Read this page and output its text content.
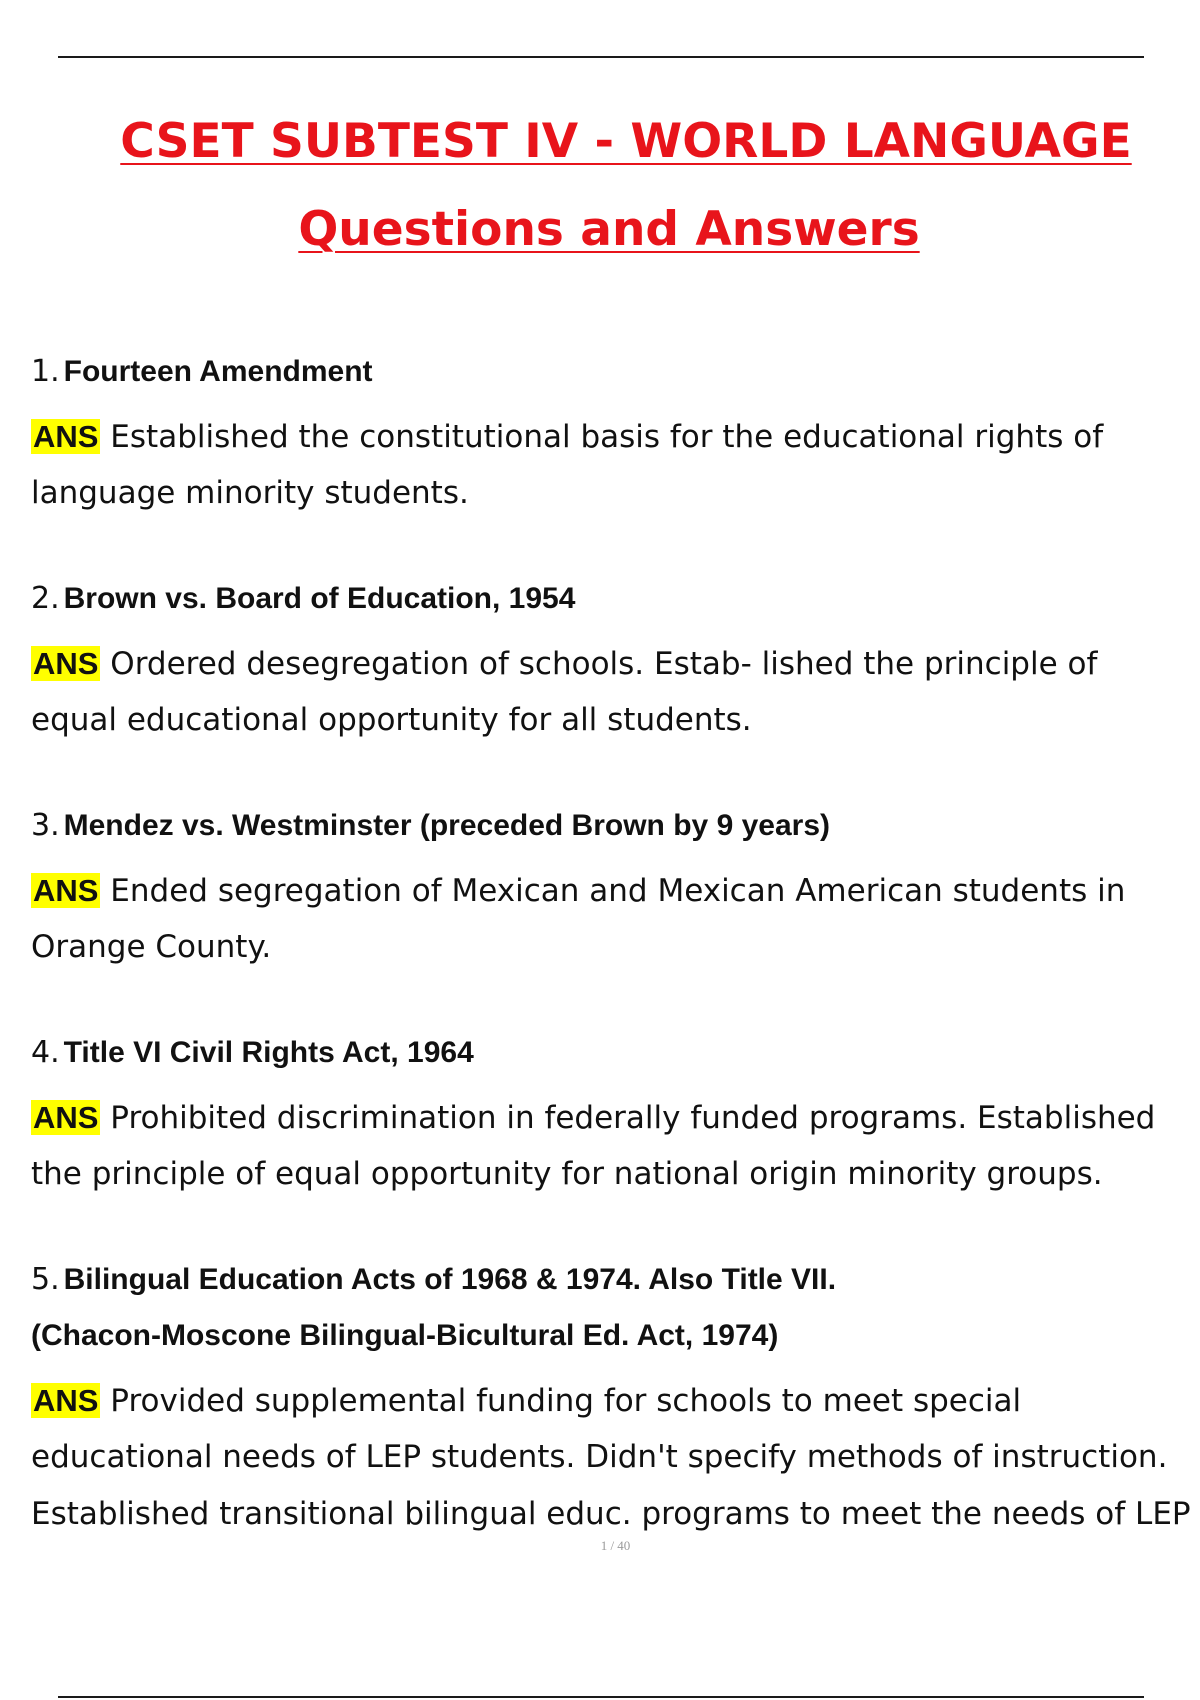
CSET SUBTEST IV - WORLD LANGUAGE
Questions and Answers
1. Fourteen Amendment
ANS Established the constitutional basis for the educational rights of
language minority students.
2. Brown vs. Board of Education, 1954
ANS Ordered desegregation of schools. Estab- lished the principle of
equal educational opportunity for all students.
3. Mendez vs. Westminster (preceded Brown by 9 years)
ANS Ended segregation of Mexican and Mexican American students in
Orange County.
4. Title VI Civil Rights Act, 1964
ANS Prohibited discrimination in federally funded programs. Established
the principle of equal opportunity for national origin minority groups.
5. Bilingual Education Acts of 1968 & 1974. Also Title VII.
(Chacon-Moscone Bilingual-Bicultural Ed. Act, 1974)
ANS Provided supplemental funding for schools to meet special
educational needs of LEP students. Didn't specify methods of instruction.
Established transitional bilingual educ. programs to meet the needs of LEP
1 / 40
